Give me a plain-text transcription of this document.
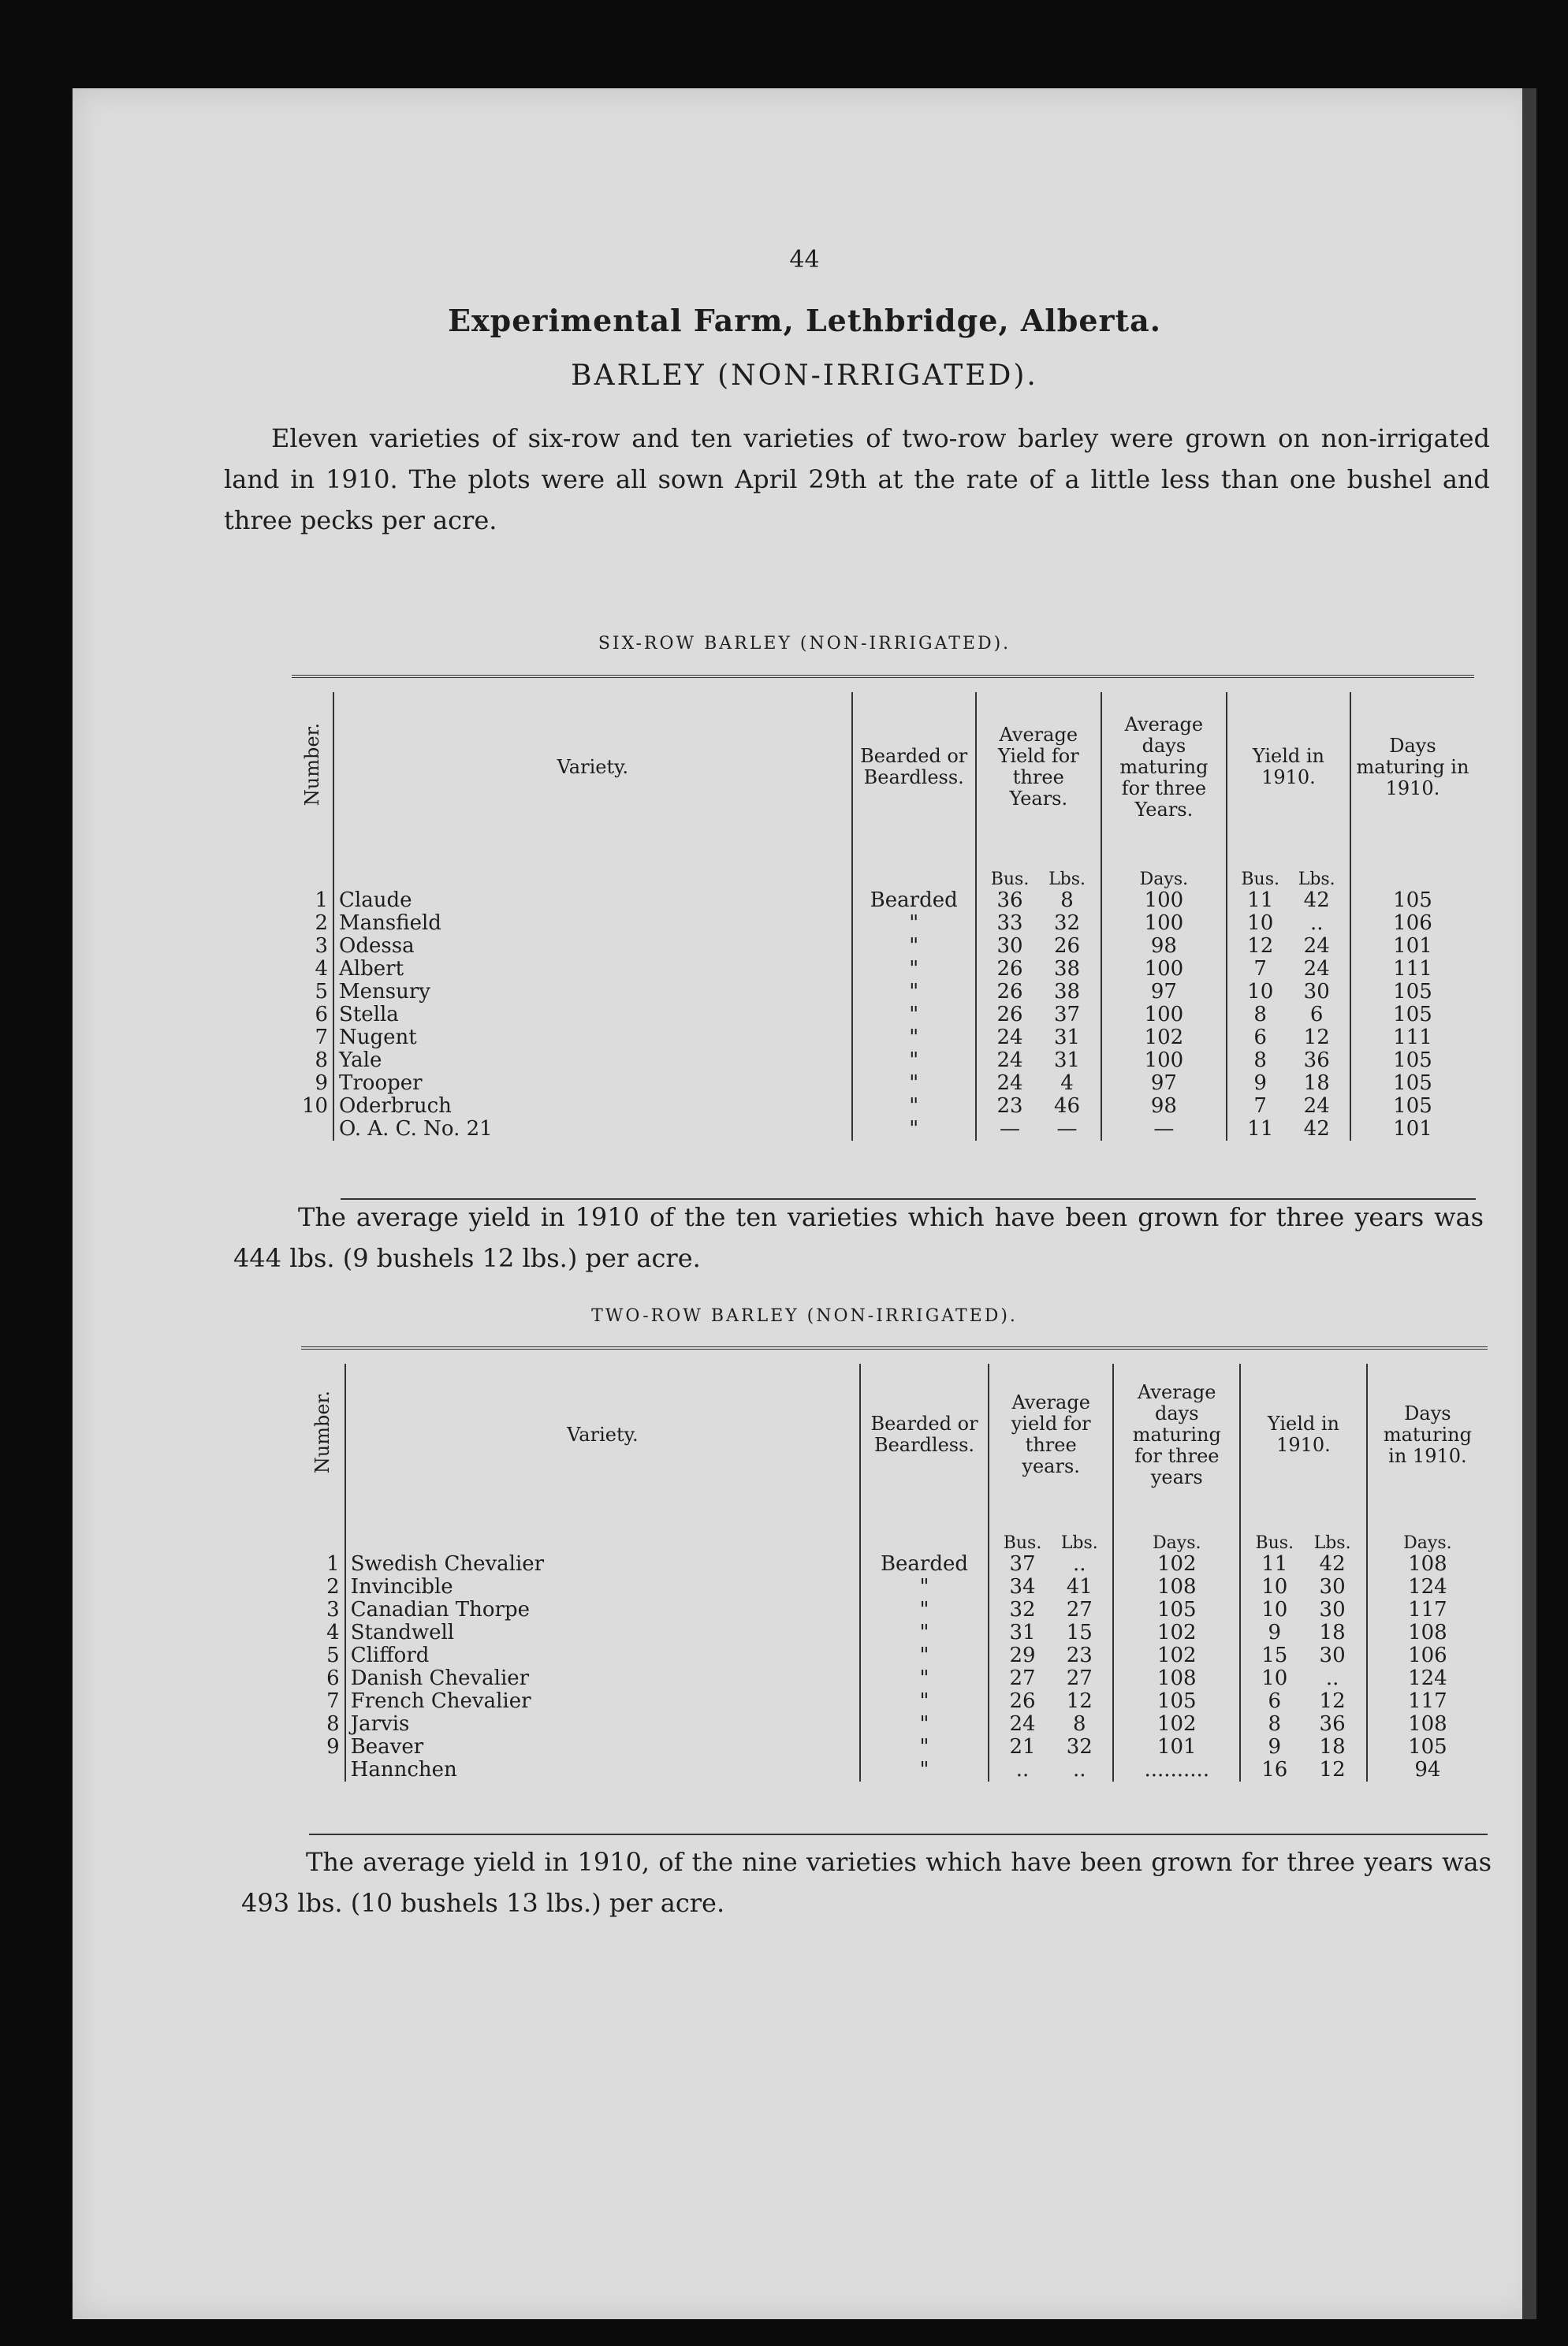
44
Experimental Farm, Lethbridge, Alberta.
BARLEY (NON-IRRIGATED).
Eleven varieties of six-row and ten varieties of two-row barley were grown on non-irrigated land in 1910. The plots were all sown April 29th at the rate of a little less than one bushel and three pecks per acre.
SIX-ROW BARLEY (NON-IRRIGATED).
Number.	Variety.	Bearded or Beardless.	Average Yield for three Years.	Average days maturing for three Years.	Yield in 1910.	Days maturing in 1910.
			Bus. Lbs.	Days.	Bus. Lbs.	
1	Claude	Bearded	36 8	100	11 42	105
2	Mansfield	"	33 32	100	10 ..	106
3	Odessa	"	30 26	98	12 24	101
4	Albert	"	26 38	100	7 24	111
5	Mensury	"	26 38	97	10 30	105
6	Stella	"	26 37	100	8 6	105
7	Nugent	"	24 31	102	6 12	111
8	Yale	"	24 31	100	8 36	105
9	Trooper	"	24 4	97	9 18	105
10	Oderbruch	"	23 46	98	7 24	105
	O. A. C. No. 21	"	— —	—	11 42	101
The average yield in 1910 of the ten varieties which have been grown for three years was 444 lbs. (9 bushels 12 lbs.) per acre.
TWO-ROW BARLEY (NON-IRRIGATED).
Number.	Variety.	Bearded or Beardless.	Average yield for three years.	Average days maturing for three years	Yield in 1910.	Days maturing in 1910.
			Bus. Lbs.	Days.	Bus. Lbs.	Days.
1	Swedish Chevalier	Bearded	37 ..	102	11 42	108
2	Invincible	"	34 41	108	10 30	124
3	Canadian Thorpe	"	32 27	105	10 30	117
4	Standwell	"	31 15	102	9 18	108
5	Clifford	"	29 23	102	15 30	106
6	Danish Chevalier	"	27 27	108	10 ..	124
7	French Chevalier	"	26 12	105	6 12	117
8	Jarvis	"	24 8	102	8 36	108
9	Beaver	"	21 32	101	9 18	105
	Hannchen	"	.. ..	..........	16 12	94
The average yield in 1910, of the nine varieties which have been grown for three years was 493 lbs. (10 bushels 13 lbs.) per acre.
